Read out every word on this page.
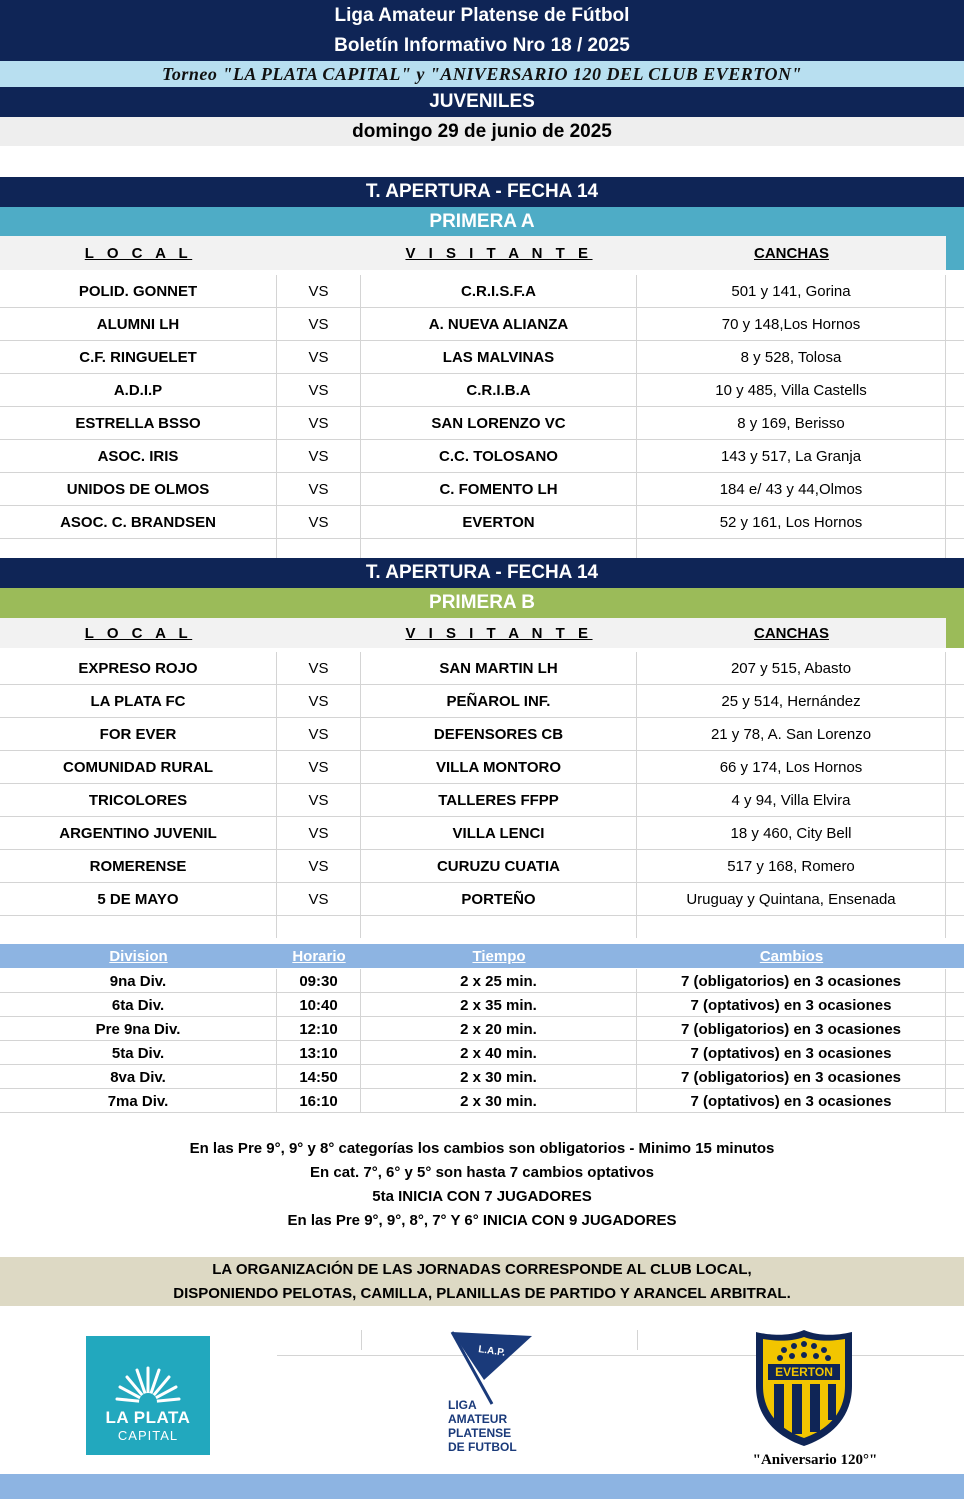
Liga Amateur Platense de Fútbol
Boletín Informativo Nro 18 / 2025
Torneo "LA PLATA CAPITAL" y "ANIVERSARIO 120 DEL CLUB EVERTON"
JUVENILES
domingo 29 de junio de 2025
T. APERTURA - FECHA 14
PRIMERA A
L O C A L	V I S I T A N T E	CANCHAS
POLID. GONNET	VS	C.R.I.S.F.A	501 y 141, Gorina
ALUMNI LH	VS	A. NUEVA ALIANZA	70 y 148,Los Hornos
C.F. RINGUELET	VS	LAS MALVINAS	8 y 528, Tolosa
A.D.I.P	VS	C.R.I.B.A	10 y 485, Villa Castells
ESTRELLA BSSO	VS	SAN LORENZO VC	8 y 169, Berisso
ASOC. IRIS	VS	C.C. TOLOSANO	143 y 517, La Granja
UNIDOS DE OLMOS	VS	C. FOMENTO LH	184 e/ 43 y 44,Olmos
ASOC. C. BRANDSEN	VS	EVERTON	52 y 161, Los Hornos
T. APERTURA - FECHA 14
PRIMERA B
L O C A L	V I S I T A N T E	CANCHAS
EXPRESO ROJO	VS	SAN MARTIN LH	207 y 515, Abasto
LA PLATA FC	VS	PEÑAROL INF.	25 y 514, Hernández
FOR EVER	VS	DEFENSORES CB	21 y 78, A. San Lorenzo
COMUNIDAD RURAL	VS	VILLA MONTORO	66 y 174, Los Hornos
TRICOLORES	VS	TALLERES FFPP	4 y 94, Villa Elvira
ARGENTINO JUVENIL	VS	VILLA LENCI	18 y 460, City Bell
ROMERENSE	VS	CURUZU CUATIA	517 y 168, Romero
5 DE MAYO	VS	PORTEÑO	Uruguay y Quintana, Ensenada
Division	Horario	Tiempo	Cambios
9na Div.	09:30	2 x 25 min.	7 (obligatorios) en 3 ocasiones
6ta Div.	10:40	2 x 35 min.	7 (optativos) en 3 ocasiones
Pre 9na Div.	12:10	2 x 20 min.	7 (obligatorios) en 3 ocasiones
5ta Div.	13:10	2 x 40 min.	7 (optativos) en 3 ocasiones
8va Div.	14:50	2 x 30 min.	7 (obligatorios) en 3 ocasiones
7ma Div.	16:10	2 x 30 min.	7 (optativos) en 3 ocasiones
En las Pre 9°, 9° y 8° categorías los cambios son obligatorios - Minimo 15 minutos
En cat. 7°, 6° y 5° son hasta 7 cambios optativos
5ta INICIA CON 7 JUGADORES
En las Pre 9°, 9°, 8°, 7° Y 6° INICIA CON 9 JUGADORES
LA ORGANIZACIÓN DE LAS JORNADAS CORRESPONDE AL CLUB LOCAL,
DISPONIENDO PELOTAS, CAMILLA, PLANILLAS DE PARTIDO Y ARANCEL ARBITRAL.
LA PLATA
CAPITAL
L.A.P.
LIGA
AMATEUR
PLATENSE
DE FUTBOL
EVERTON
"Aniversario 120°"
